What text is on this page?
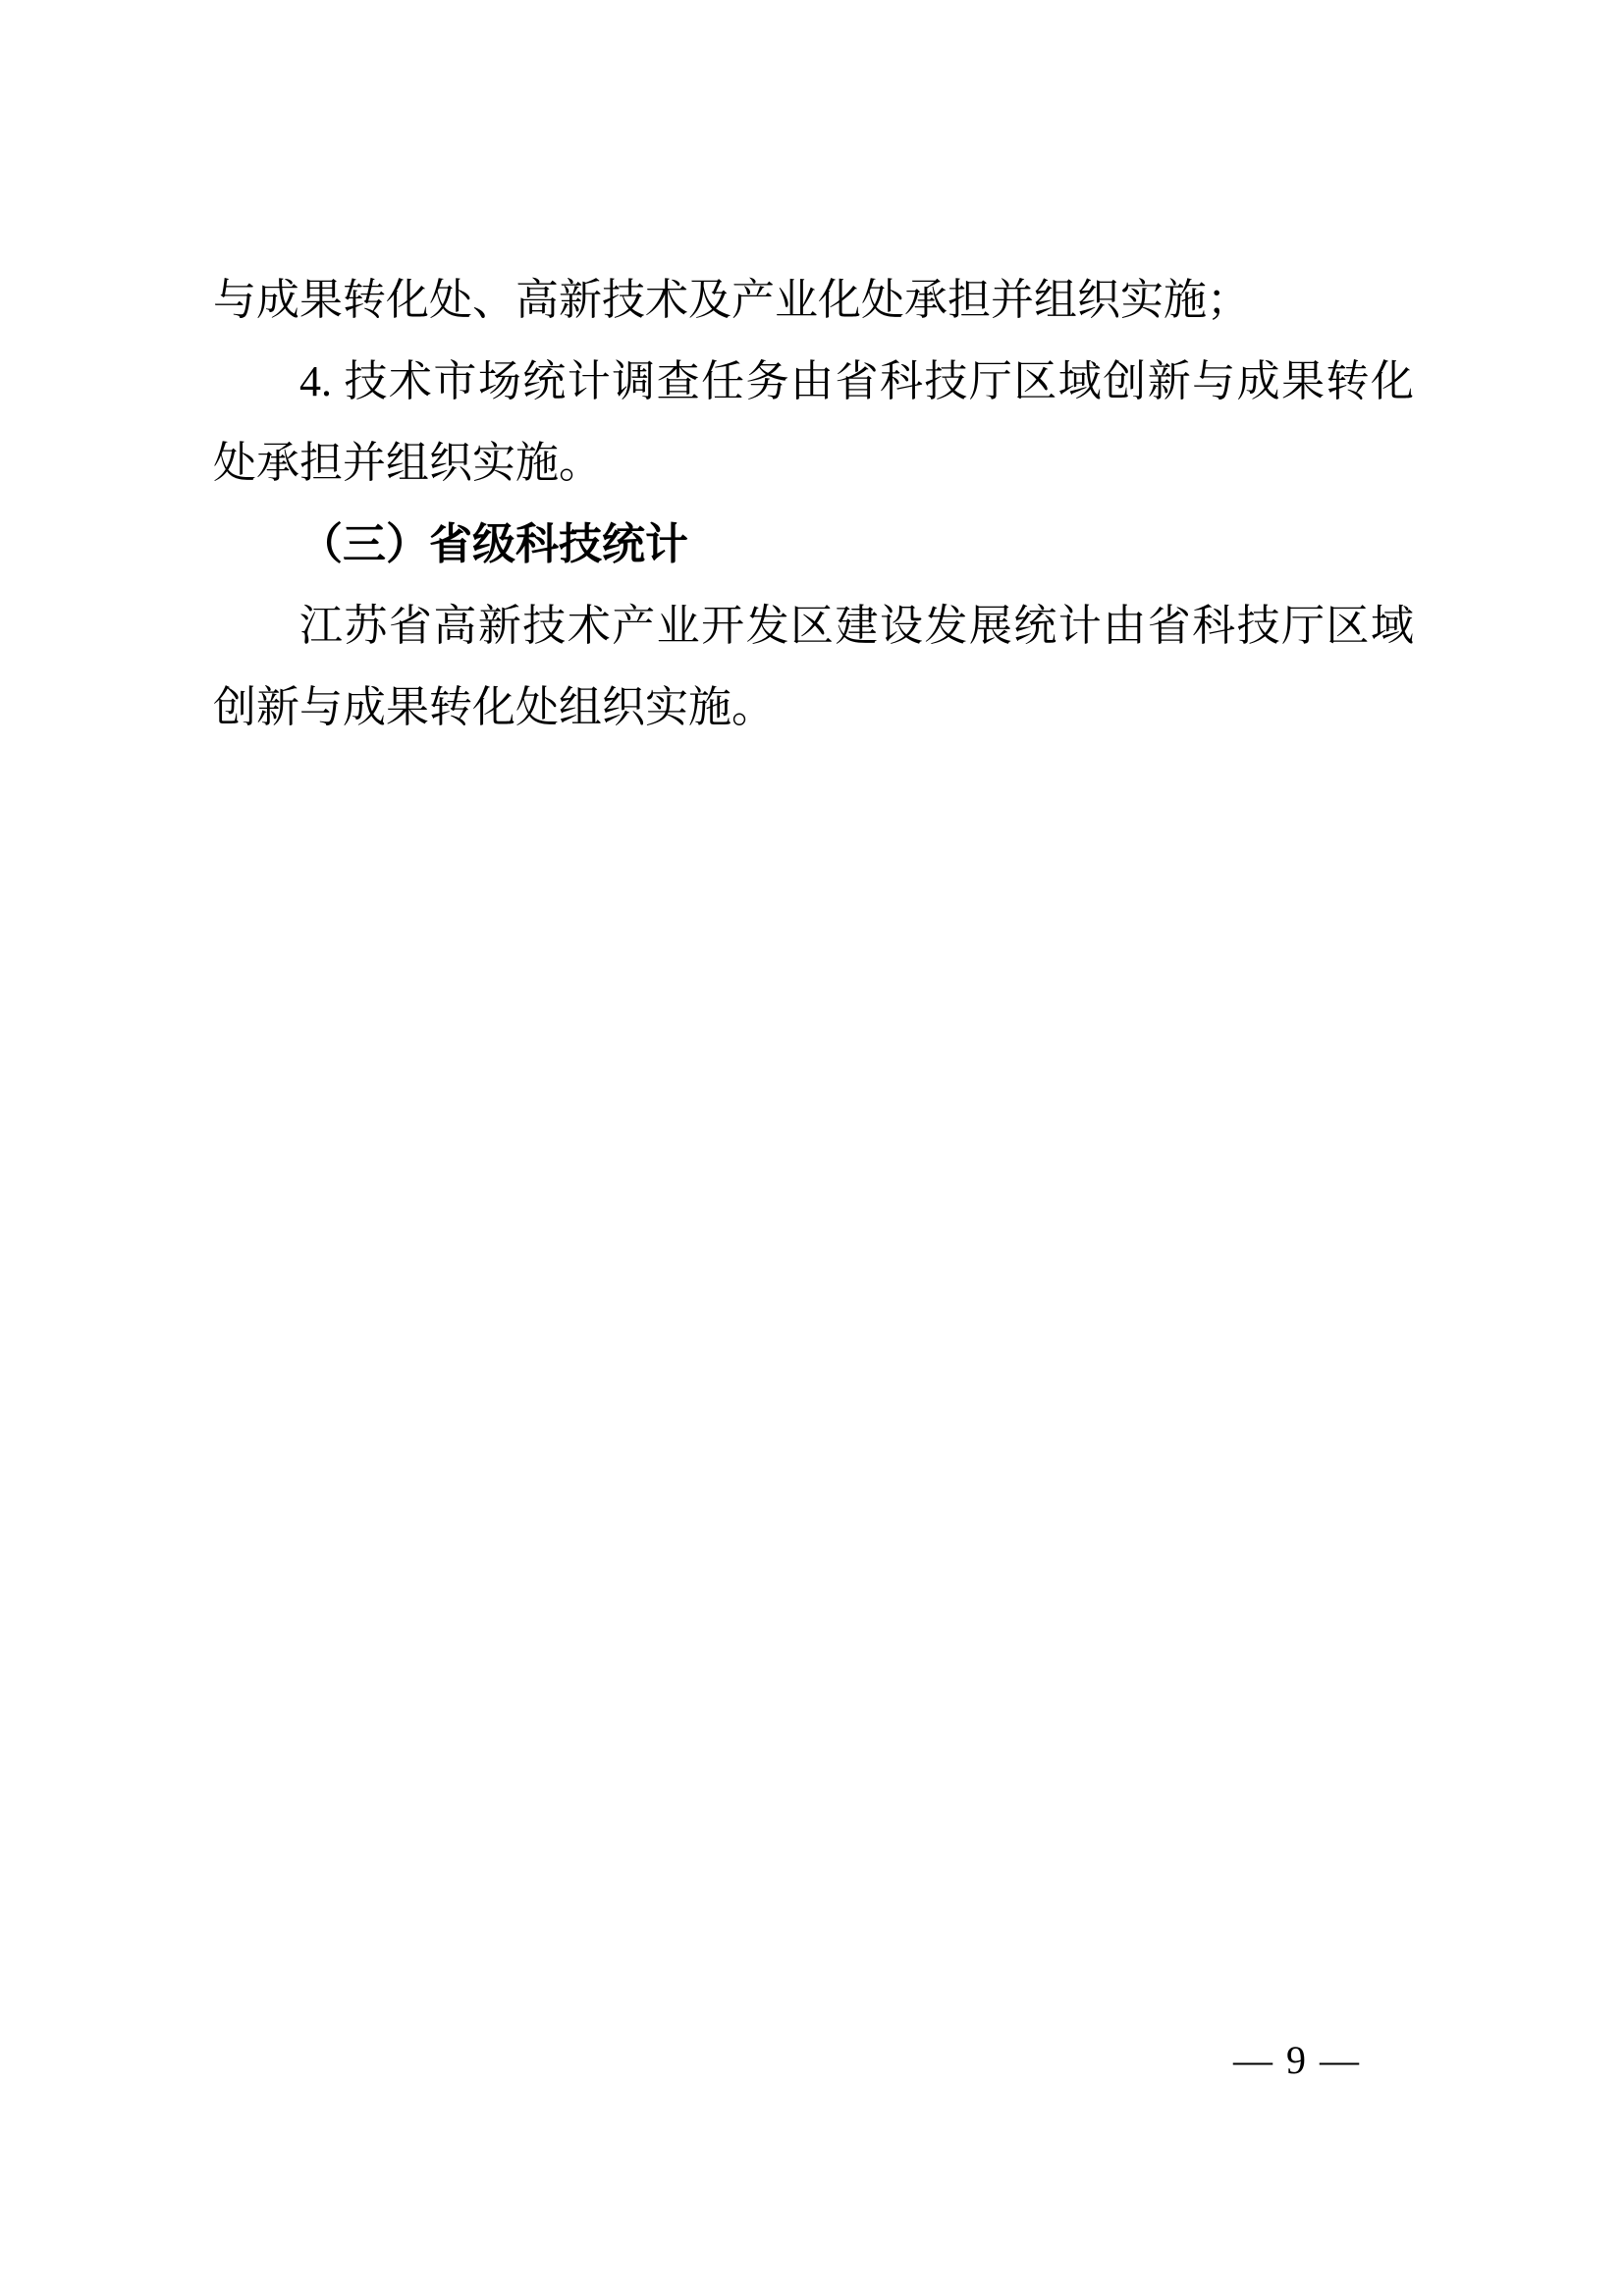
与成果转化处、高新技术及产业化处承担并组织实施；

4. 技术市场统计调查任务由省科技厅区域创新与成果转化

处承担并组织实施。

（三）省级科技统计

江苏省高新技术产业开发区建设发展统计由省科技厅区域

创新与成果转化处组织实施。

— 9 —
